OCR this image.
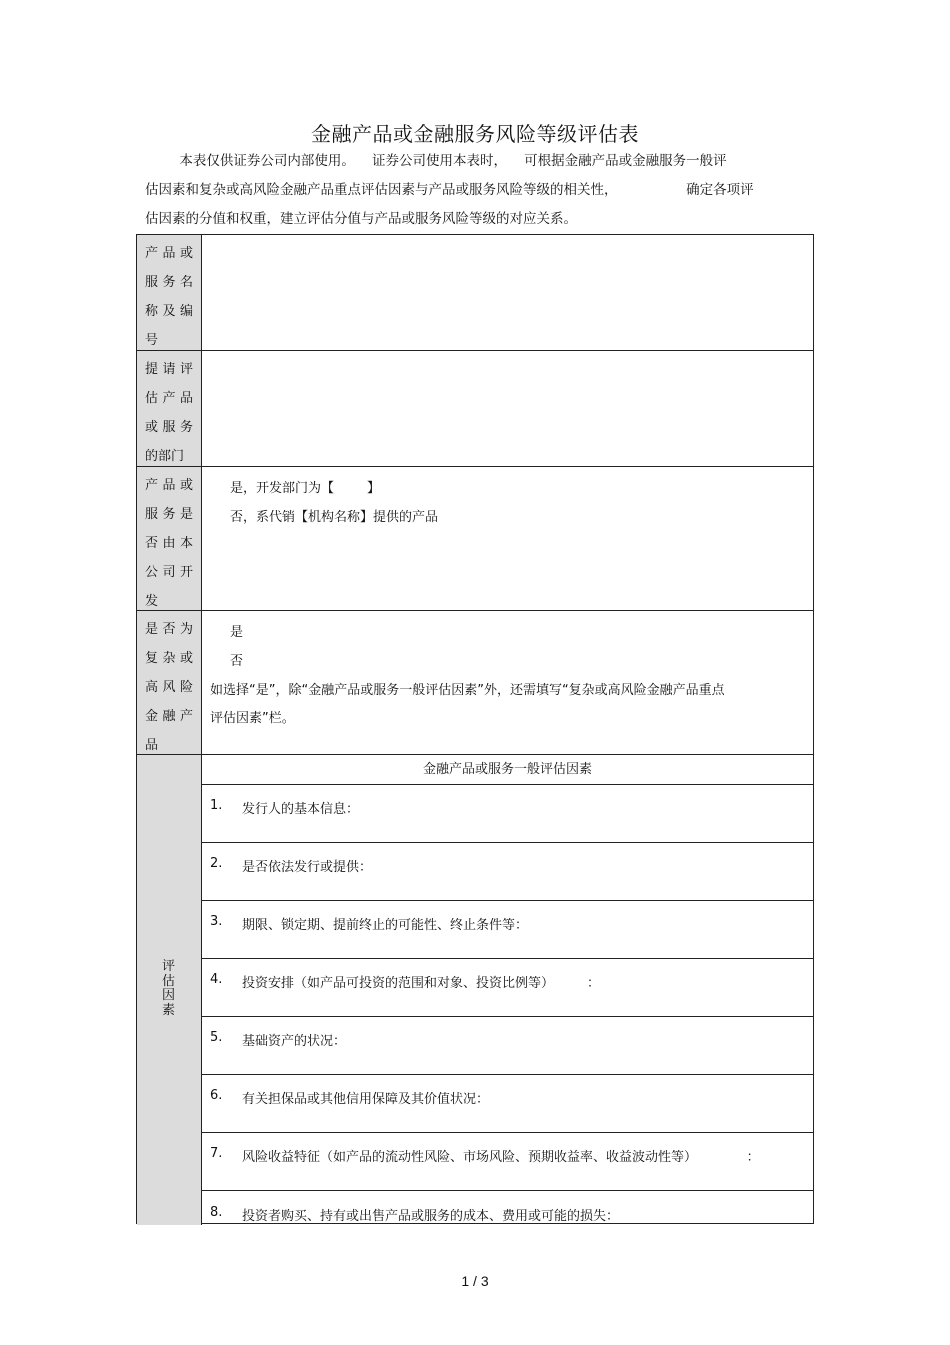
金融产品或金融服务风险等级评估表
本表仅供证券公司内部使用。    证券公司使用本表时，    可根据金融产品或金融服务一般评
估因素和复杂或高风险金融产品重点评估因素与产品或服务风险等级的相关性，                确定各项评
估因素的分值和权重，建立评估分值与产品或服务风险等级的对应关系。
产 品 或
服 务 名
称 及 编
号
提 请 评
估 产 品
或 服 务
的部门
产 品 或
服 务 是
否 由 本
公 司 开
发
是，开发部门为【        】
否，系代销【机构名称】提供的产品
是 否 为
复 杂 或
高 风 险
金 融 产
品
是
否
如选择“是”，除“金融产品或服务一般评估因素”外，还需填写“复杂或高风险金融产品重点
评估因素”栏。
评
估
因
素
金融产品或服务一般评估因素
1. 发行人的基本信息：
2. 是否依法发行或提供：
3. 期限、锁定期、提前终止的可能性、终止条件等：
4. 投资安排（如产品可投资的范围和对象、投资比例等）        ：
5. 基础资产的状况：
6. 有关担保品或其他信用保障及其价值状况：
7. 风险收益特征（如产品的流动性风险、市场风险、预期收益率、收益波动性等）            ：
8. 投资者购买、持有或出售产品或服务的成本、费用或可能的损失：
1 / 3
